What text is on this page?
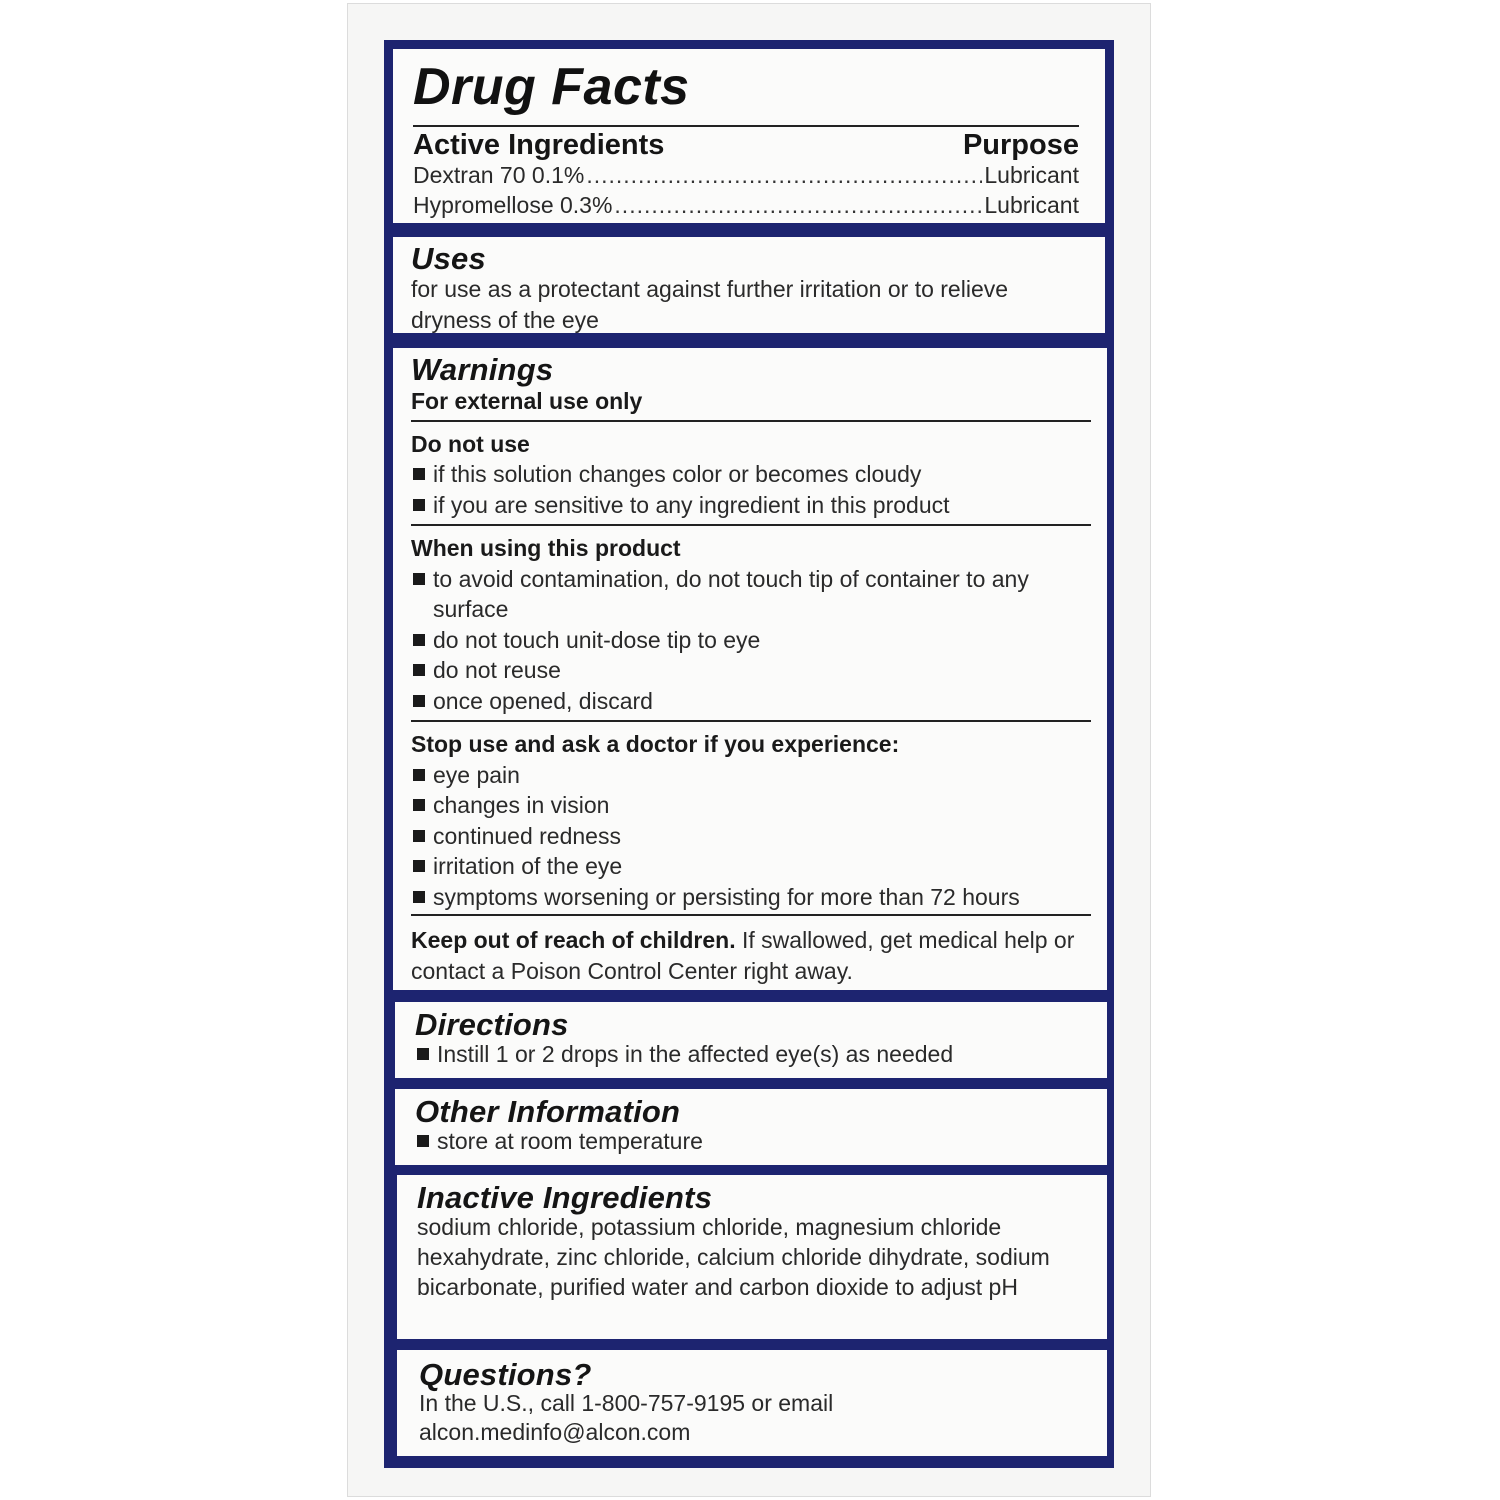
Drug Facts
Active Ingredients	Purpose
Dextran 70 0.1% .....	Lubricant
Hypromellose 0.3% .....	Lubricant
Uses
for use as a protectant against further irritation or to relieve dryness of the eye
Warnings
For external use only
Do not use
if this solution changes color or becomes cloudy
if you are sensitive to any ingredient in this product
When using this product
to avoid contamination, do not touch tip of container to any surface
do not touch unit-dose tip to eye
do not reuse
once opened, discard
Stop use and ask a doctor if you experience:
eye pain
changes in vision
continued redness
irritation of the eye
symptoms worsening or persisting for more than 72 hours
Keep out of reach of children. If swallowed, get medical help or contact a Poison Control Center right away.
Directions
Instill 1 or 2 drops in the affected eye(s) as needed
Other Information
store at room temperature
Inactive Ingredients
sodium chloride, potassium chloride, magnesium chloride hexahydrate, zinc chloride, calcium chloride dihydrate, sodium bicarbonate, purified water and carbon dioxide to adjust pH
Questions?
In the U.S., call 1-800-757-9195 or email alcon.medinfo@alcon.com
